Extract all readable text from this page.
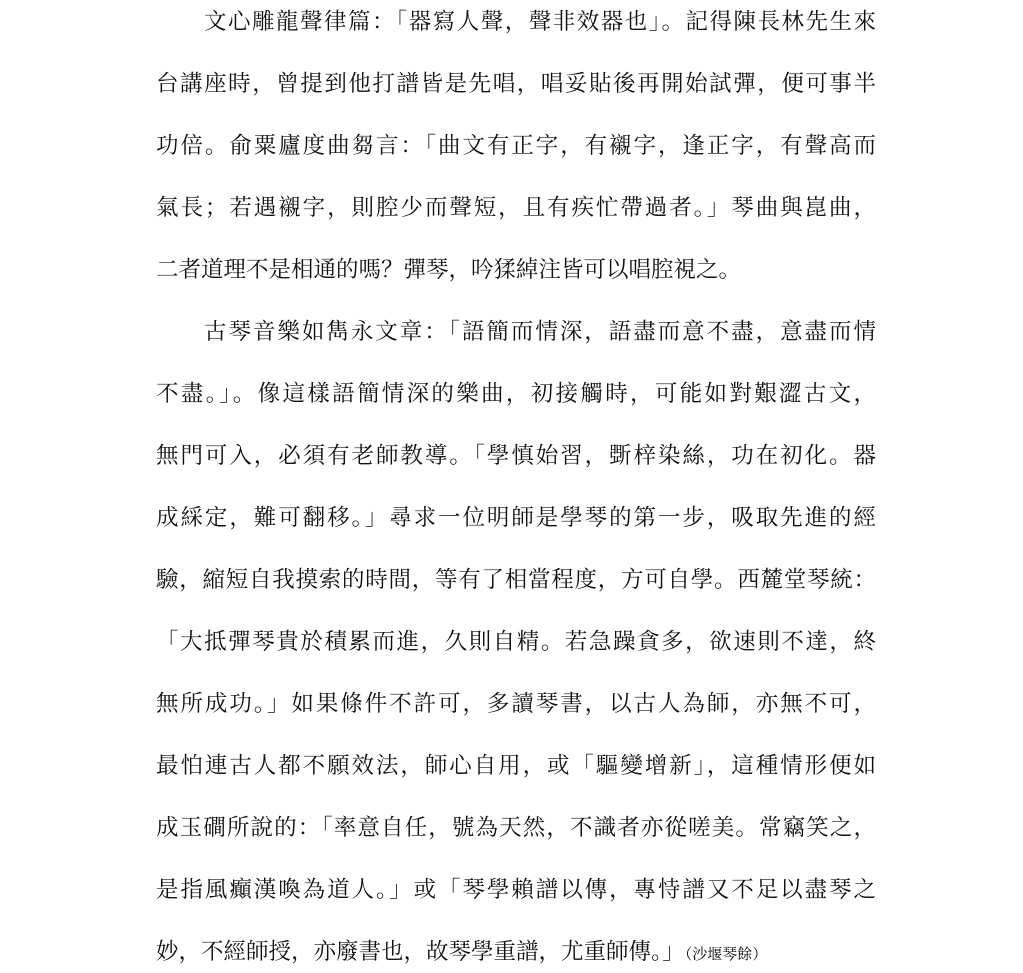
文心雕龍聲律篇：「器寫人聲，聲非效器也」。記得陳長林先生來
台講座時，曾提到他打譜皆是先唱，唱妥貼後再開始試彈，便可事半
功倍。俞粟廬度曲芻言：「曲文有正字，有襯字，逢正字，有聲高而
氣長；若遇襯字，則腔少而聲短，且有疾忙帶過者。」琴曲與崑曲，
二者道理不是相通的嗎？彈琴，吟猱綽注皆可以唱腔視之。
古琴音樂如雋永文章：「語簡而情深，語盡而意不盡，意盡而情
不盡。」。像這樣語簡情深的樂曲，初接觸時，可能如對艱澀古文，
無門可入，必須有老師教導。「學慎始習，斲梓染絲，功在初化。器
成綵定，難可翻移。」尋求一位明師是學琴的第一步，吸取先進的經
驗，縮短自我摸索的時間，等有了相當程度，方可自學。西麓堂琴統：
「大抵彈琴貴於積累而進，久則自精。若急躁貪多，欲速則不達，終
無所成功。」如果條件不許可，多讀琴書，以古人為師，亦無不可，
最怕連古人都不願效法，師心自用，或「驅變增新」，這種情形便如
成玉磵所說的：「率意自任，號為天然，不識者亦從嗟美。常竊笑之，
是指風癲漢喚為道人。」或「琴學賴譜以傳，專恃譜又不足以盡琴之
妙，不經師授，亦廢書也，故琴學重譜，尤重師傳。」（沙堰琴餘）
